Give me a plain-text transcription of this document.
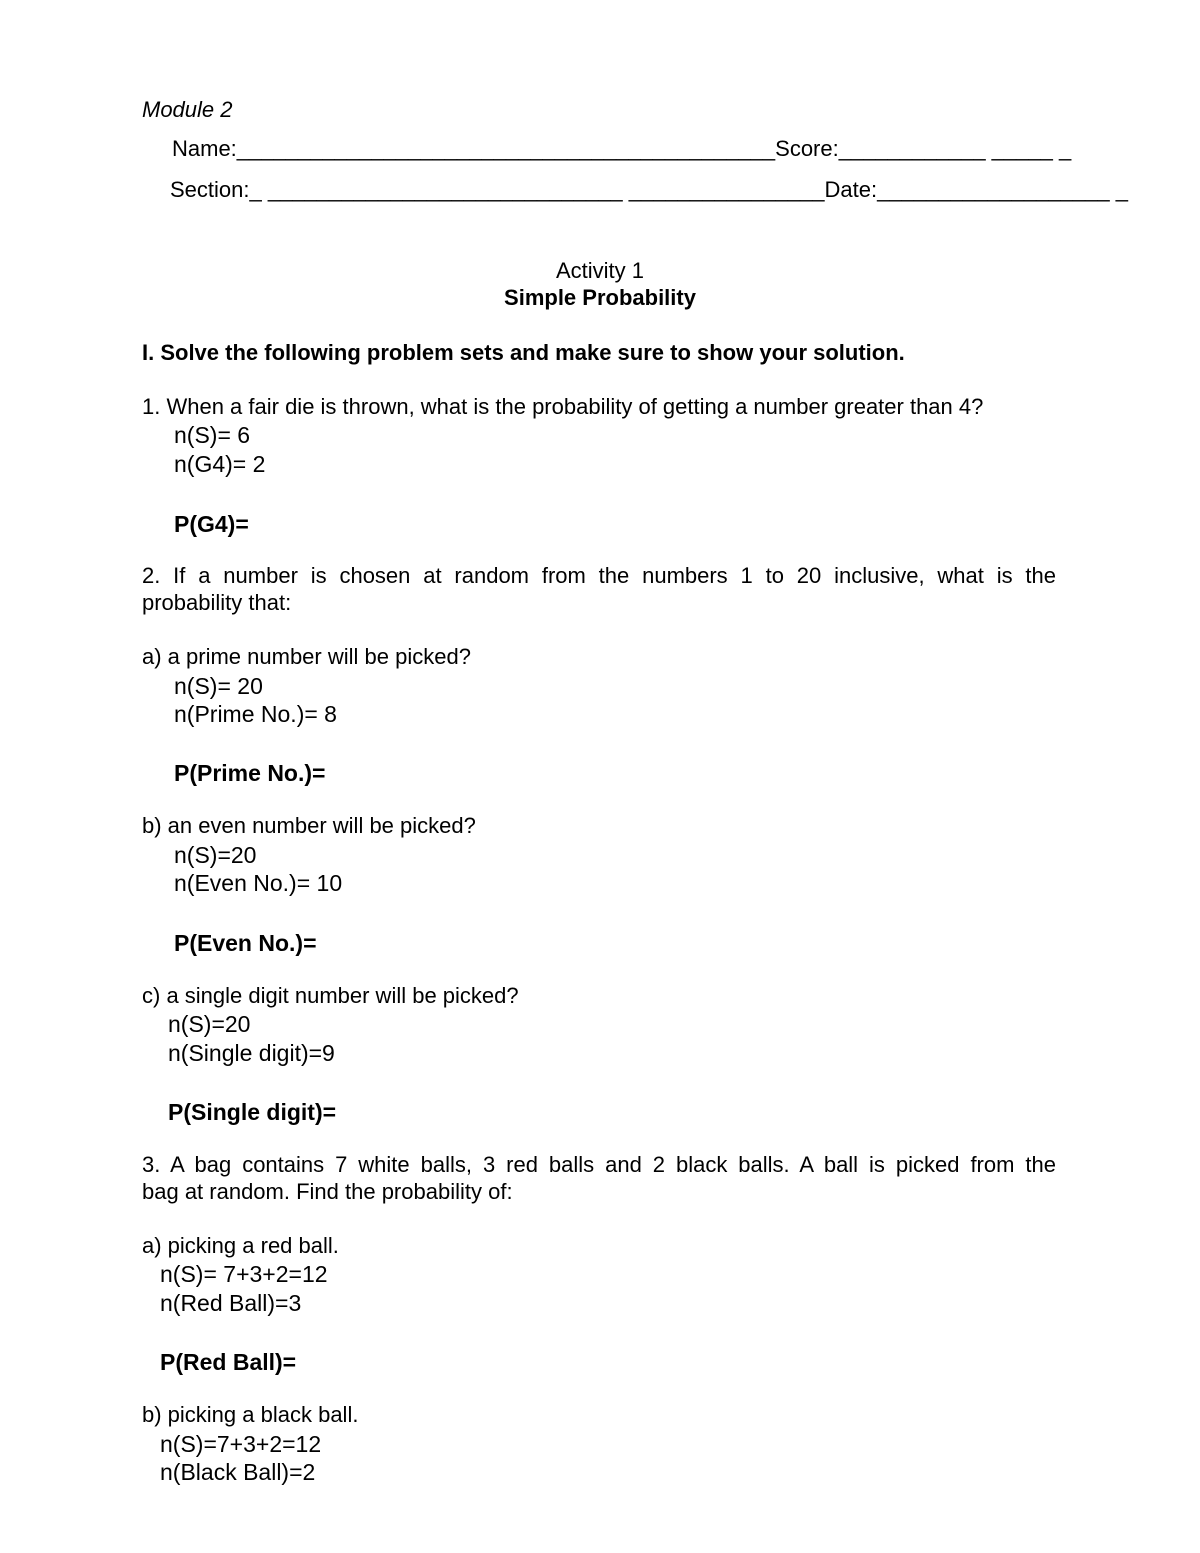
Module 2
Name:____________________________________________Score:____________ _____ _
Section:_ _____________________________ ________________Date:___________________ _
Activity 1
Simple Probability
I. Solve the following problem sets and make sure to show your solution.
1. When a fair die is thrown, what is the probability of getting a number greater than 4?
n(S)= 6
n(G4)= 2
P(G4)=
2. If a number is chosen at random from the numbers 1 to 20 inclusive, what is the
probability that:
a) a prime number will be picked?
n(S)= 20
n(Prime No.)= 8
P(Prime No.)=
b) an even number will be picked?
n(S)=20
n(Even No.)= 10
P(Even No.)=
c) a single digit number will be picked?
n(S)=20
n(Single digit)=9
P(Single digit)=
3. A bag contains 7 white balls, 3 red balls and 2 black balls. A ball is picked from the
bag at random. Find the probability of:
a) picking a red ball.
n(S)= 7+3+2=12
n(Red Ball)=3
P(Red Ball)=
b) picking a black ball.
n(S)=7+3+2=12
n(Black Ball)=2
